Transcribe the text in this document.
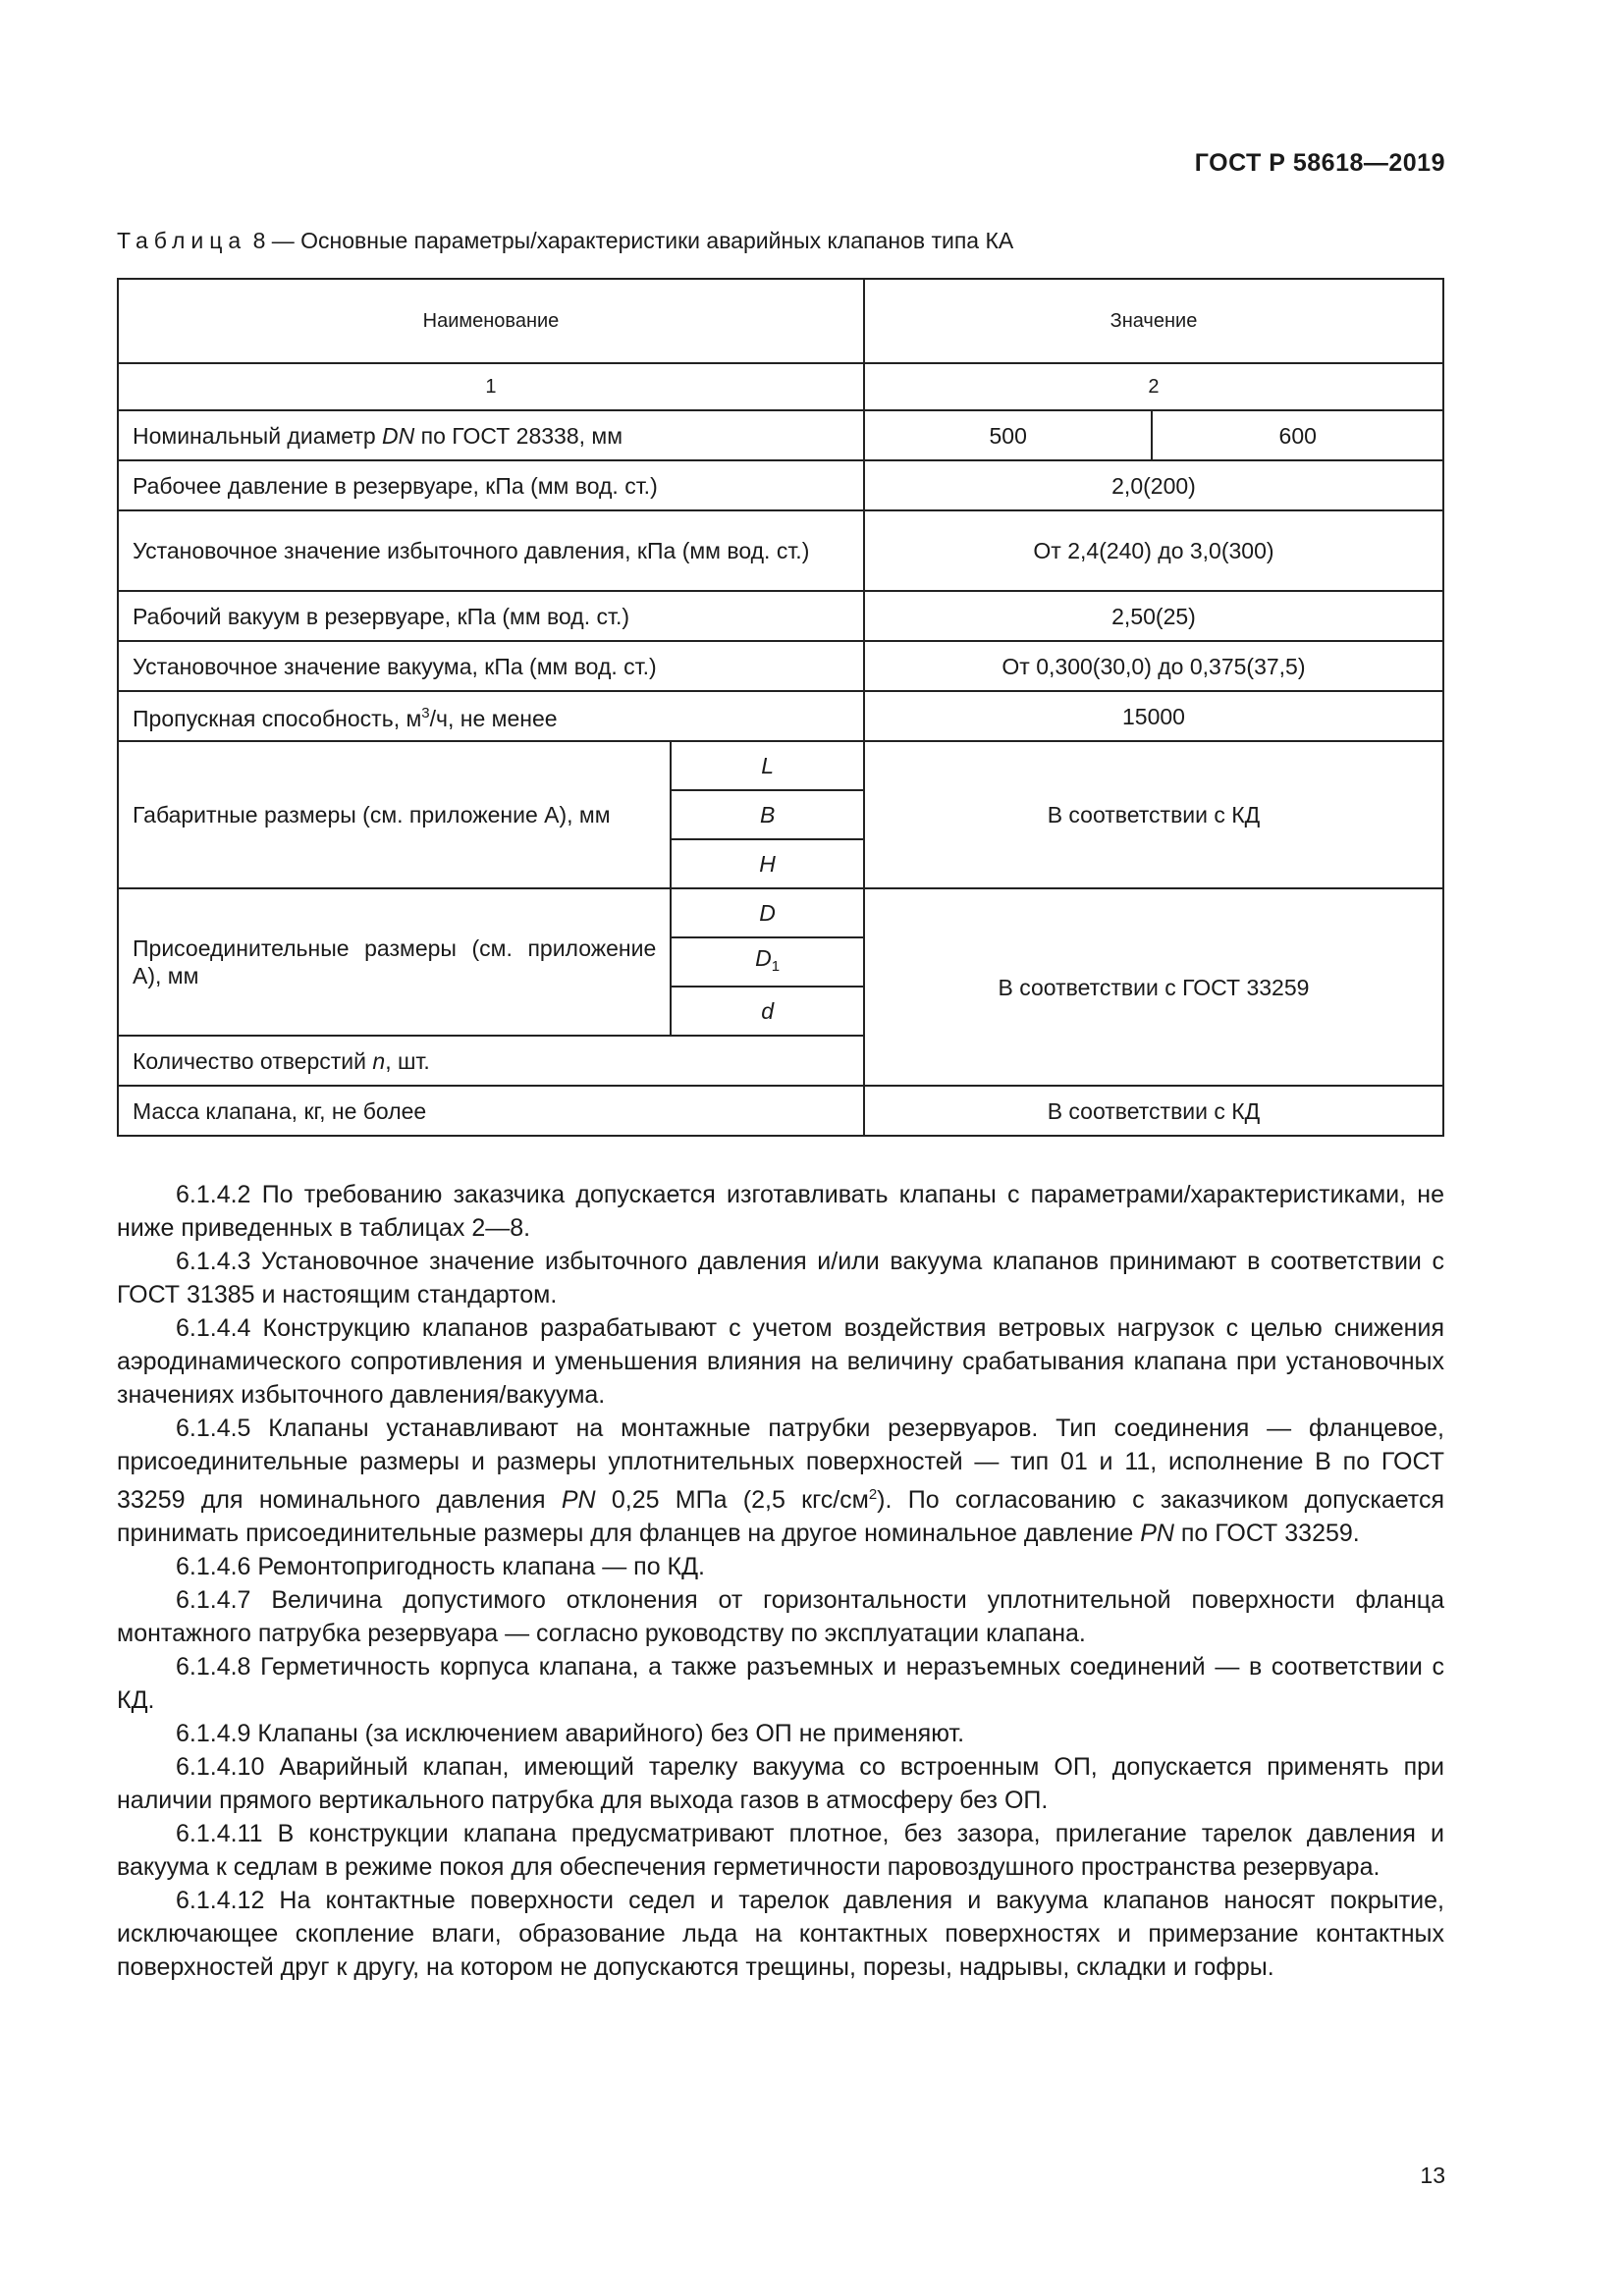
ГОСТ Р 58618—2019
Таблица 8 — Основные параметры/характеристики аварийных клапанов типа КА
Наименование		Значение	
1		2	
Номинальный диаметр DN по ГОСТ 28338, мм		500	600
Рабочее давление в резервуаре, кПа (мм вод. ст.)		2,0(200)	
Установочное значение избыточного давления, кПа (мм вод. ст.)		От 2,4(240) до 3,0(300)	
Рабочий вакуум в резервуаре, кПа (мм вод. ст.)		2,50(25)	
Установочное значение вакуума, кПа (мм вод. ст.)		От 0,300(30,0) до 0,375(37,5)	
Пропускная способность, $м^3/ч$, не менее		15000	
Габаритные размеры (см. приложение А), мм	L	В соответствии с КД	
	B		
	H		
Присоединительные размеры (см. приложение А), мм	D	В соответствии с ГОСТ 33259	
	$D_1$
	d		
Количество отверстий n, шт.			
Масса клапана, кг, не более		В соответствии с КД	

6.1.4.2 По требованию заказчика допускается изготавливать клапаны с параметрами/характеристиками, не ниже приведенных в таблицах 2—8.

6.1.4.3 Установочное значение избыточного давления и/или вакуума клапанов принимают в соответствии с ГОСТ 31385 и настоящим стандартом.

6.1.4.4 Конструкцию клапанов разрабатывают с учетом воздействия ветровых нагрузок с целью снижения аэродинамического сопротивления и уменьшения влияния на величину срабатывания клапана при установочных значениях избыточного давления/вакуума.

6.1.4.5 Клапаны устанавливают на монтажные патрубки резервуаров. Тип соединения — фланцевое, присоединительные размеры и размеры уплотнительных поверхностей — тип 01 и 11, исполнение В по ГОСТ 33259 для номинального давления PN 0,25 МПа (2,5 кгс/$см^2$). По согласованию с заказчиком допускается принимать присоединительные размеры для фланцев на другое номинальное давление PN по ГОСТ 33259.

6.1.4.6 Ремонтопригодность клапана — по КД.

6.1.4.7 Величина допустимого отклонения от горизонтальности уплотнительной поверхности фланца монтажного патрубка резервуара — согласно руководству по эксплуатации клапана.

6.1.4.8 Герметичность корпуса клапана, а также разъемных и неразъемных соединений — в соответствии с КД.

6.1.4.9 Клапаны (за исключением аварийного) без ОП не применяют.

6.1.4.10 Аварийный клапан, имеющий тарелку вакуума со встроенным ОП, допускается применять при наличии прямого вертикального патрубка для выхода газов в атмосферу без ОП.

6.1.4.11 В конструкции клапана предусматривают плотное, без зазора, прилегание тарелок давления и вакуума к седлам в режиме покоя для обеспечения герметичности паровоздушного пространства резервуара.

6.1.4.12 На контактные поверхности седел и тарелок давления и вакуума клапанов наносят покрытие, исключающее скопление влаги, образование льда на контактных поверхностях и примерзание контактных поверхностей друг к другу, на котором не допускаются трещины, порезы, надрывы, складки и гофры.

13
